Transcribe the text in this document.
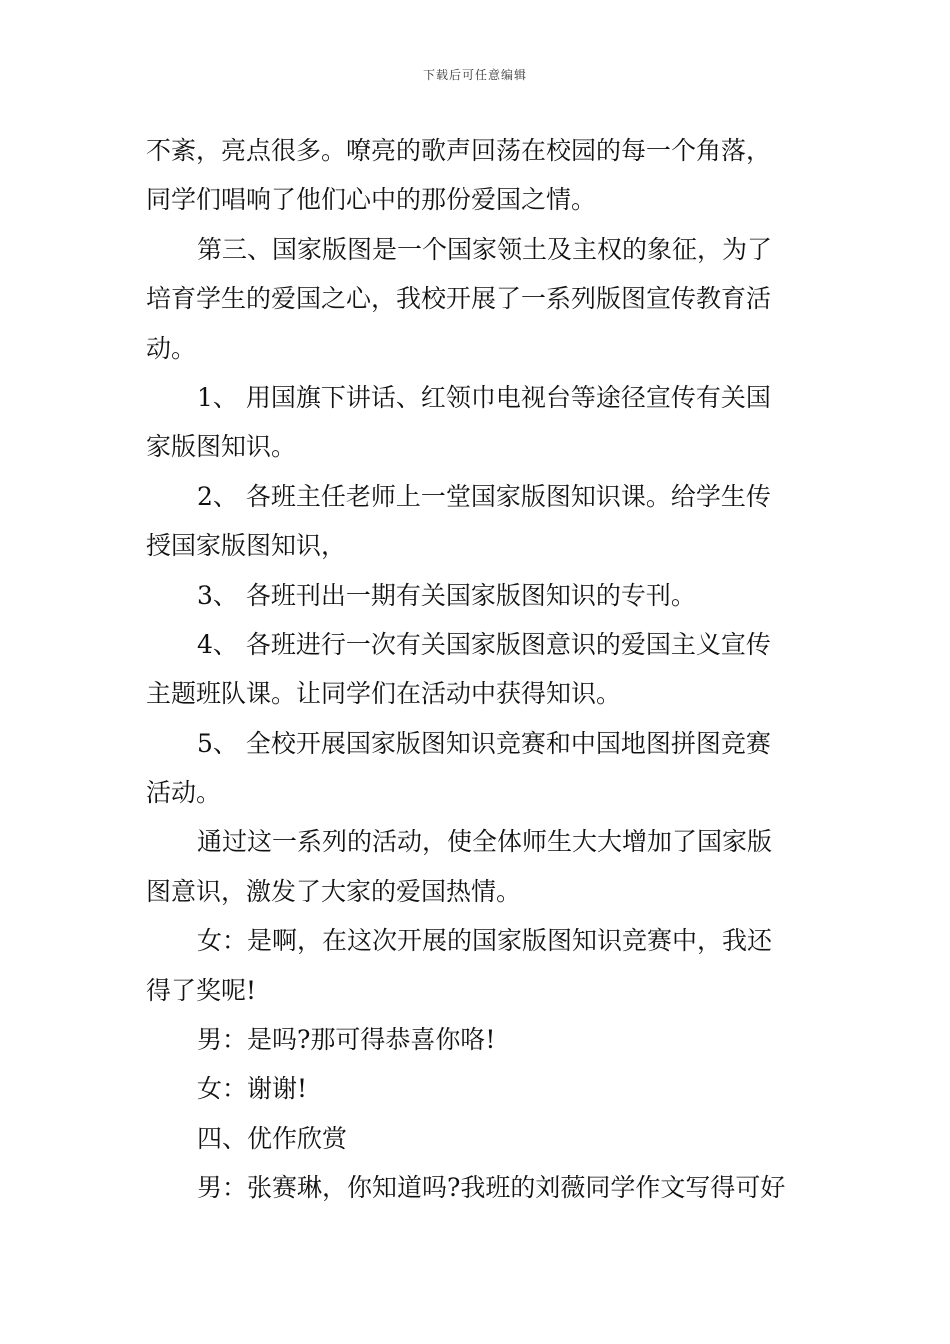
下载后可任意编辑
不紊，亮点很多。嘹亮的歌声回荡在校园的每一个角落，
同学们唱响了他们心中的那份爱国之情。
第三、国家版图是一个国家领土及主权的象征，为了
培育学生的爱国之心，我校开展了一系列版图宣传教育活
动。
1、 用国旗下讲话、红领巾电视台等途径宣传有关国
家版图知识。
2、 各班主任老师上一堂国家版图知识课。给学生传
授国家版图知识，
3、 各班刊出一期有关国家版图知识的专刊。
4、 各班进行一次有关国家版图意识的爱国主义宣传
主题班队课。让同学们在活动中获得知识。
5、 全校开展国家版图知识竞赛和中国地图拼图竞赛
活动。
通过这一系列的活动，使全体师生大大增加了国家版
图意识，激发了大家的爱国热情。
女：是啊，在这次开展的国家版图知识竞赛中，我还
得了奖呢!
男：是吗?那可得恭喜你咯!
女：谢谢!
四、优作欣赏
男：张赛琳，你知道吗?我班的刘薇同学作文写得可好
